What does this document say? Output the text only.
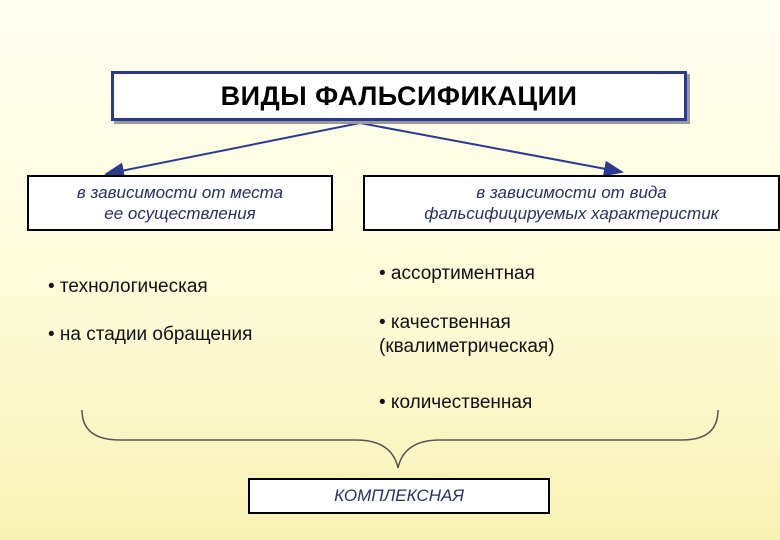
ВИДЫ ФАЛЬСИФИКАЦИИ
в зависимости от места
ее осуществления
в зависимости от вида
фальсифицируемых характеристик
• технологическая
• на стадии обращения
• ассортиментная
• качественная
(квалиметрическая)
• количественная
КОМПЛЕКСНАЯ
